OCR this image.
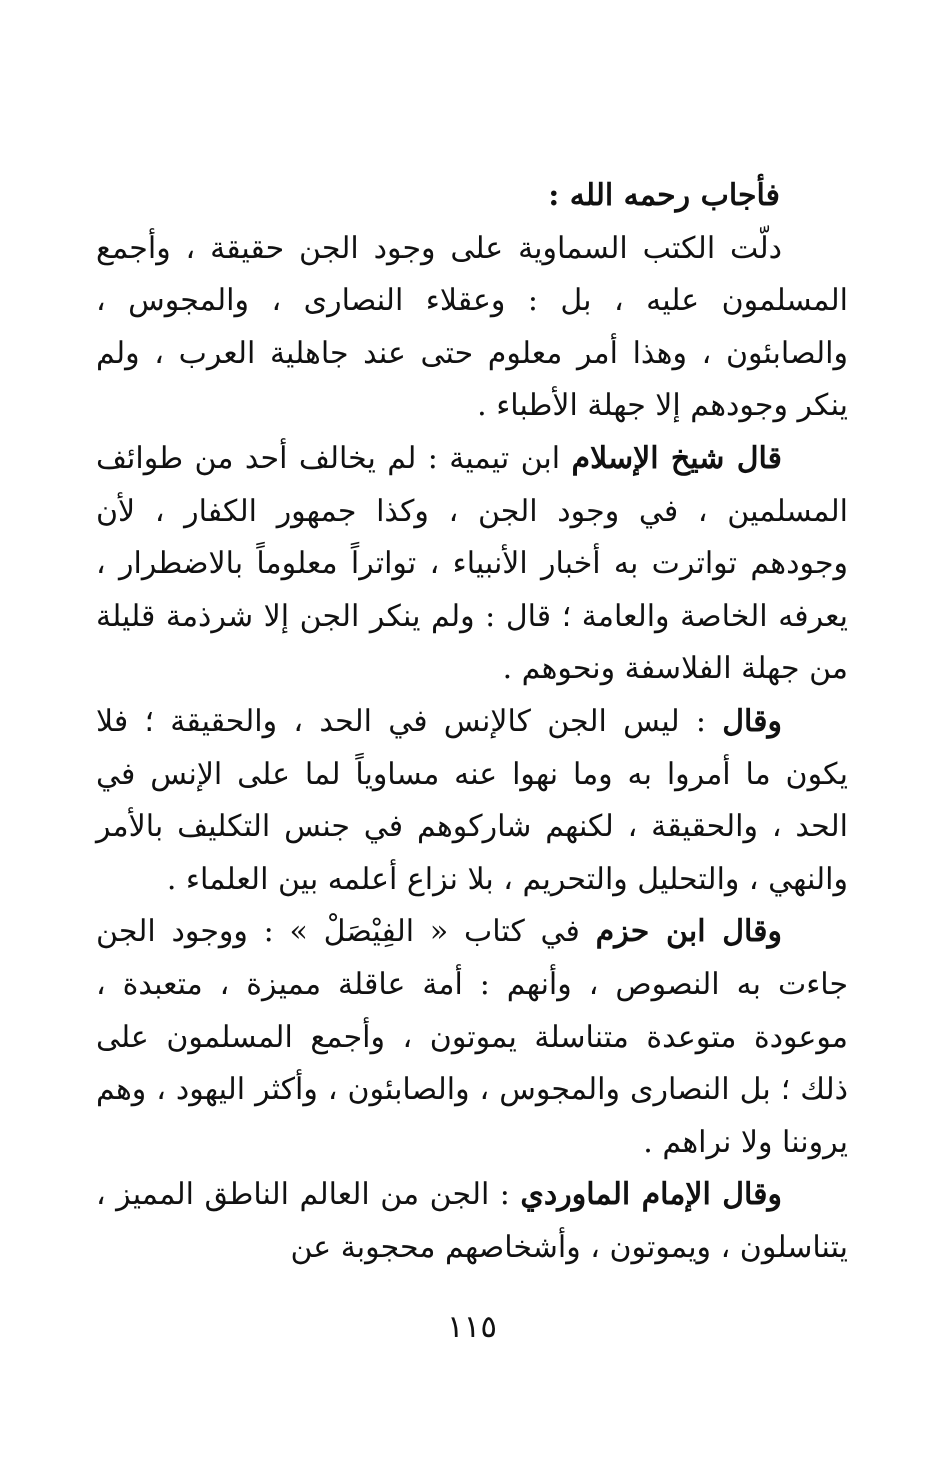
فأجاب رحمه الله :

دلّت الكتب السماوية على وجود الجن حقيقة ، وأجمع المسلمون عليه ، بل : وعقلاء النصارى ، والمجوس ، والصابئون ، وهذا أمر معلوم حتى عند جاهلية العرب ، ولم ينكر وجودهم إلا جهلة الأطباء .

قال شيخ الإسلام ابن تيمية : لم يخالف أحد من طوائف المسلمين ، في وجود الجن ، وكذا جمهور الكفار ، لأن وجودهم تواترت به أخبار الأنبياء ، تواتراً معلوماً بالاضطرار ، يعرفه الخاصة والعامة ؛ قال : ولم ينكر الجن إلا شرذمة قليلة من جهلة الفلاسفة ونحوهم .

وقال : ليس الجن كالإنس في الحد ، والحقيقة ؛ فلا يكون ما أمروا به وما نهوا عنه مساوياً لما على الإنس في الحد ، والحقيقة ، لكنهم شاركوهم في جنس التكليف بالأمر والنهي ، والتحليل والتحريم ، بلا نزاع أعلمه بين العلماء .

وقال ابن حزم في كتاب « الفِيْصَلْ » : ووجود الجن جاءت به النصوص ، وأنهم : أمة عاقلة مميزة ، متعبدة ، موعودة متوعدة متناسلة يموتون ، وأجمع المسلمون على ذلك ؛ بل النصارى والمجوس ، والصابئون ، وأكثر اليهود ، وهم يروننا ولا نراهم .

وقال الإمام الماوردي : الجن من العالم الناطق المميز ، يتناسلون ، ويموتون ، وأشخاصهم محجوبة عن

١١٥
